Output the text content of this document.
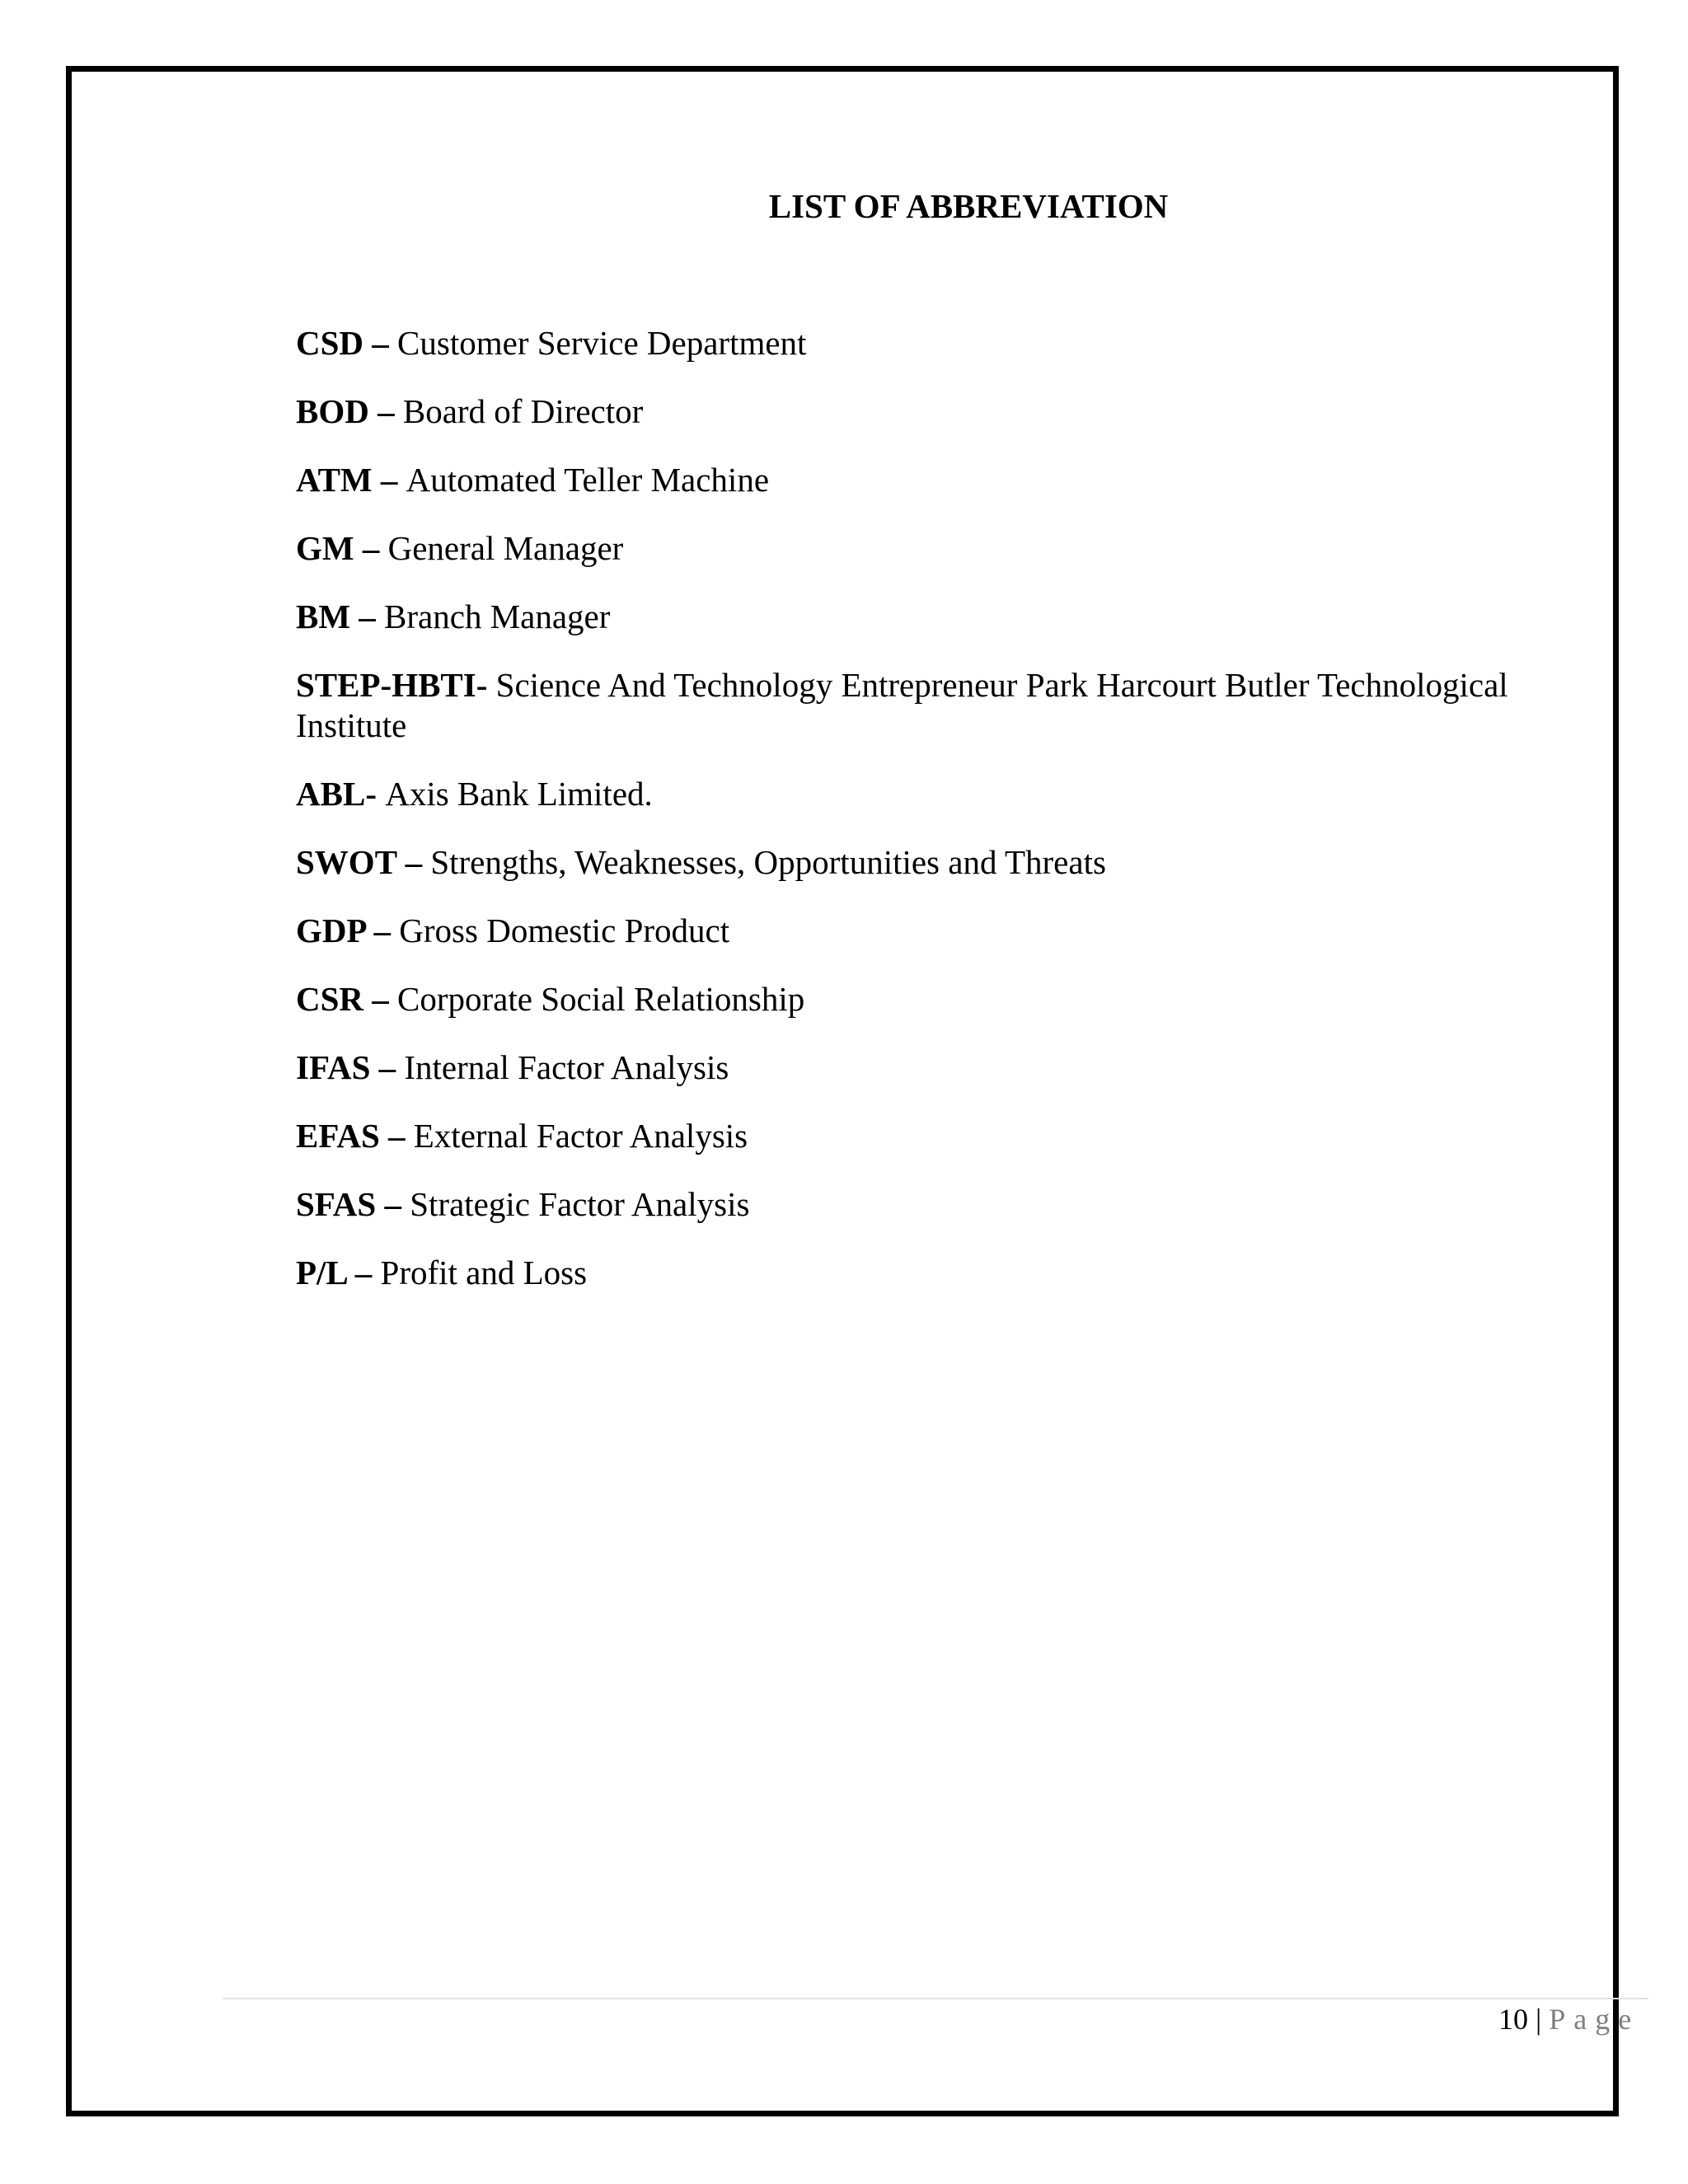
LIST OF ABBREVIATION
CSD – Customer Service Department
BOD – Board of Director
ATM – Automated Teller Machine
GM – General Manager
BM – Branch Manager
STEP-HBTI- Science And Technology Entrepreneur Park Harcourt Butler Technological Institute
ABL- Axis Bank Limited.
SWOT – Strengths, Weaknesses, Opportunities and Threats
GDP – Gross Domestic Product
CSR – Corporate Social Relationship
IFAS – Internal Factor Analysis
EFAS – External Factor Analysis
SFAS – Strategic Factor Analysis
P/L – Profit and Loss
10 | Page
